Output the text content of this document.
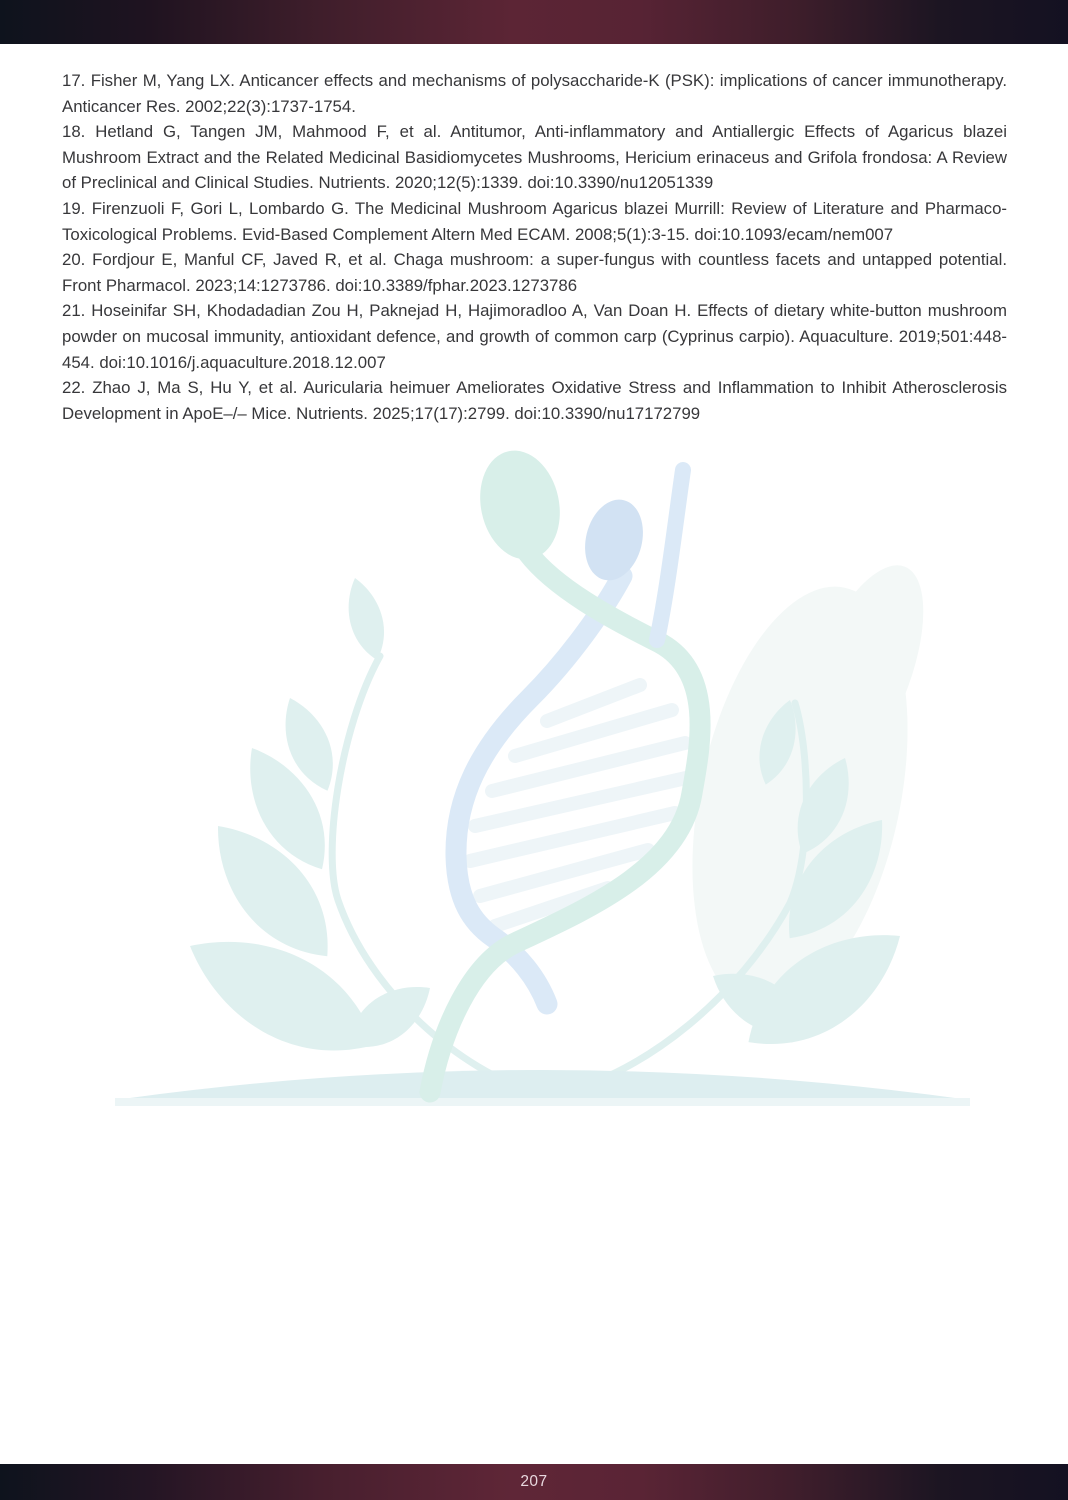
17. Fisher M, Yang LX. Anticancer effects and mechanisms of polysaccharide-K (PSK): implications of cancer immunotherapy. Anticancer Res. 2002;22(3):1737-1754.

18. Hetland G, Tangen JM, Mahmood F, et al. Antitumor, Anti-inflammatory and Antiallergic Effects of Agaricus blazei Mushroom Extract and the Related Medicinal Basidiomycetes Mushrooms, Hericium erinaceus and Grifola frondosa: A Review of Preclinical and Clinical Studies. Nutrients. 2020;12(5):1339. doi:10.3390/nu12051339

19. Firenzuoli F, Gori L, Lombardo G. The Medicinal Mushroom Agaricus blazei Murrill: Review of Literature and Pharmaco-Toxicological Problems. Evid-Based Complement Altern Med ECAM. 2008;5(1):3-15. doi:10.1093/ecam/nem007

20. Fordjour E, Manful CF, Javed R, et al. Chaga mushroom: a super-fungus with countless facets and untapped potential. Front Pharmacol. 2023;14:1273786. doi:10.3389/fphar.2023.1273786

21. Hoseinifar SH, Khodadadian Zou H, Paknejad H, Hajimoradloo A, Van Doan H. Effects of dietary white-button mushroom powder on mucosal immunity, antioxidant defence, and growth of common carp (Cyprinus carpio). Aquaculture. 2019;501:448-454. doi:10.1016/j.aquaculture.2018.12.007

22. Zhao J, Ma S, Hu Y, et al. Auricularia heimuer Ameliorates Oxidative Stress and Inflammation to Inhibit Atherosclerosis Development in ApoE–/– Mice. Nutrients. 2025;17(17):2799. doi:10.3390/nu17172799

207
